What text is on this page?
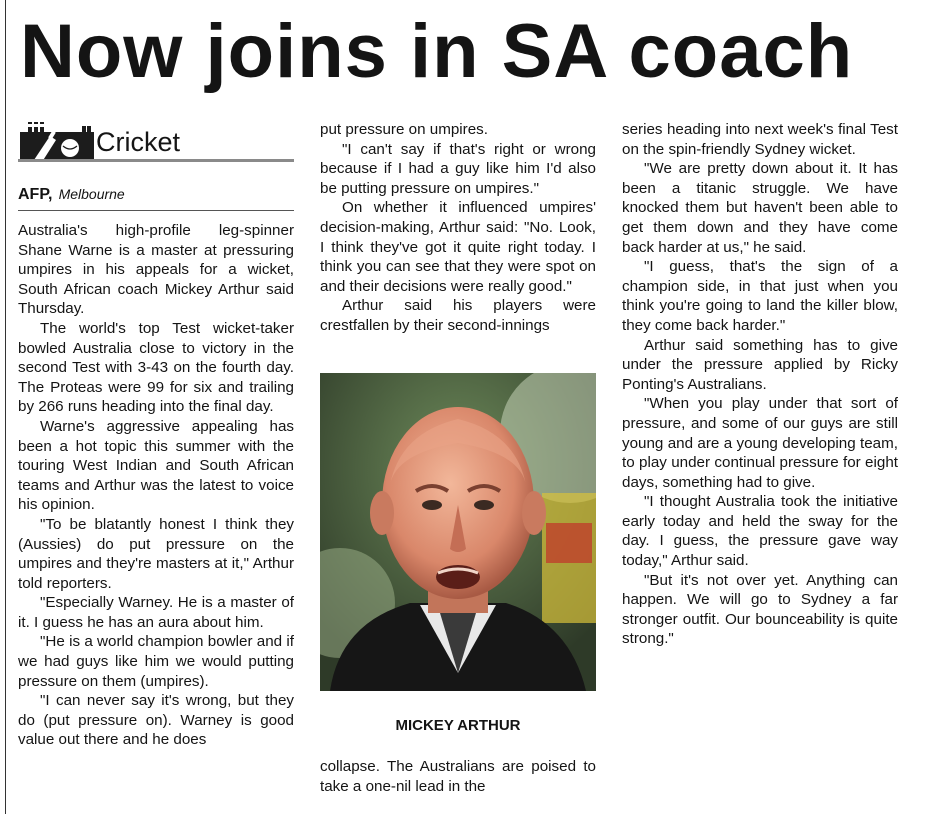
Now joins in SA coach
Cricket
AFP, Melbourne

Australia's high-profile leg-spinner Shane Warne is a master at pressuring umpires in his appeals for a wicket, South African coach Mickey Arthur said Thursday.

The world's top Test wicket-taker bowled Australia close to victory in the second Test with 3-43 on the fourth day. The Proteas were 99 for six and trailing by 266 runs heading into the final day.

Warne's aggressive appealing has been a hot topic this summer with the touring West Indian and South African teams and Arthur was the latest to voice his opinion.

"To be blatantly honest I think they (Aussies) do put pressure on the umpires and they're masters at it," Arthur told reporters.

"Especially Warney. He is a master of it. I guess he has an aura about him.

"He is a world champion bowler and if we had guys like him we would putting pressure on them (umpires).

"I can never say it's wrong, but they do (put pressure on). Warney is good value out there and he does

put pressure on umpires.

"I can't say if that's right or wrong because if I had a guy like him I'd also be putting pressure on umpires."

On whether it influenced umpires' decision-making, Arthur said: "No. Look, I think they've got it quite right today. I think you can see that they were spot on and their decisions were really good."

Arthur said his players were crestfallen by their second-innings

MICKEY ARTHUR

collapse. The Australians are poised to take a one-nil lead in the

series heading into next week's final Test on the spin-friendly Sydney wicket.

"We are pretty down about it. It has been a titanic struggle. We have knocked them but haven't been able to get them down and they have come back harder at us," he said.

"I guess, that's the sign of a champion side, in that just when you think you're going to land the killer blow, they come back harder."

Arthur said something has to give under the pressure applied by Ricky Ponting's Australians.

"When you play under that sort of pressure, and some of our guys are still young and are a young developing team, to play under continual pressure for eight days, something had to give.

"I thought Australia took the initiative early today and held the sway for the day. I guess, the pressure gave way today," Arthur said.

"But it's not over yet. Anything can happen. We will go to Sydney a far stronger outfit. Our bounceability is quite strong."
